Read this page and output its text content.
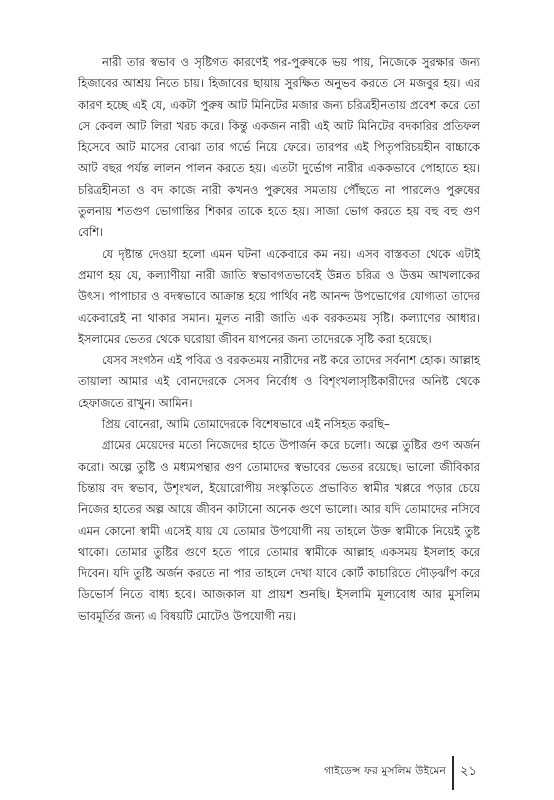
নারী তার স্বভাব ও সৃষ্টিগত কারণেই পর-পুরুষকে ভয় পায়, নিজেকে সুরক্ষার জন্য হিজাবের আশ্রয় নিতে চায়। হিজাবের ছায়ায় সুরক্ষিত অনুভব করতে সে মজবুর হয়। এর কারণ হচ্ছে এই যে, একটা পুরুষ আট মিনিটের মজার জন্য চরিত্রহীনতায় প্রবেশ করে তো সে কেবল আট লিরা খরচ করে। কিন্তু একজন নারী এই আট মিনিটের বদকারির প্রতিফল হিসেবে আট মাসের বোঝা তার গর্ভে নিয়ে ফেরে। তারপর এই পিতৃপরিচয়হীন বাচ্চাকে আট বছর পর্যন্ত লালন পালন করতে হয়। এতটা দুর্ভোগ নারীর এককভাবে পোহাতে হয়। চরিত্রহীনতা ও বদ কাজে নারী কখনও পুরুষের সমতায় পৌঁছতে না পারলেও পুরুষের তুলনায় শতগুণ ভোগান্তির শিকার তাকে হতে হয়। সাজা ভোগ করতে হয় বহু বহু গুণ বেশি।

যে দৃষ্টান্ত দেওয়া হলো এমন ঘটনা একেবারে কম নয়। এসব বাস্তবতা থেকে এটাই প্রমাণ হয় যে, কল্যাণীয়া নারী জাতি স্বভাবগতভাবেই উন্নত চরিত্র ও উত্তম আখলাকের উৎস। পাপাচার ও বদস্বভাবে আক্রান্ত হয়ে পার্থিব নষ্ট আনন্দ উপভোগের যোগ্যতা তাদের একেবারেই না থাকার সমান। মূলত নারী জাতি এক বরকতময় সৃষ্টি। কল্যাণের আধার। ইসলামের ভেতর থেকে ঘরোয়া জীবন যাপনের জন্য তাদেরকে সৃষ্টি করা হয়েছে।

যেসব সংগঠন এই পবিত্র ও বরকতময় নারীদের নষ্ট করে তাদের সর্বনাশ হোক। আল্লাহ তায়ালা আমার এই বোনদেরকে সেসব নির্বোধ ও বিশৃংখলাসৃষ্টিকারীদের অনিষ্ট থেকে হেফাজতে রাখুন। আমিন।

প্রিয় বোনেরা, আমি তোমাদেরকে বিশেষভাবে এই নসিহত করছি–

গ্রামের মেয়েদের মতো নিজেদের হাতে উপার্জন করে চলো। অল্পে তুষ্টির গুণ অর্জন করো। অল্পে তুষ্টি ও মধ্যমপন্থার গুণ তোমাদের স্বভাবের ভেতর রয়েছে। ভালো জীবিকার চিন্তায় বদ স্বভাব, উশৃংখল, ইয়োরোপীয় সংস্কৃতিতে প্রভাবিত স্বামীর খপ্পরে পড়ার চেয়ে নিজের হাতের অল্প আয়ে জীবন কাটানো অনেক গুণে ভালো। আর যদি তোমাদের নসিবে এমন কোনো স্বামী এসেই যায় যে তোমার উপযোগী নয় তাহলে উক্ত স্বামীকে নিয়েই তুষ্ট থাকো। তোমার তুষ্টির গুণে হতে পারে তোমার স্বামীকে আল্লাহ একসময় ইসলাহ করে দিবেন। যদি তুষ্টি অর্জন করতে না পার তাহলে দেখা যাবে কোর্ট কাচারিতে দৌড়ঝাঁপ করে ডিভোর্স নিতে বাধ্য হবে। আজকাল যা প্রায়শ শুনছি। ইসলামি মূল্যবোধ আর মুসলিম ভাবমূর্তির জন্য এ বিষয়টি মোটেও উপযোগী নয়।

গাইডেন্স ফর মুসলিম উইমেন ২১
